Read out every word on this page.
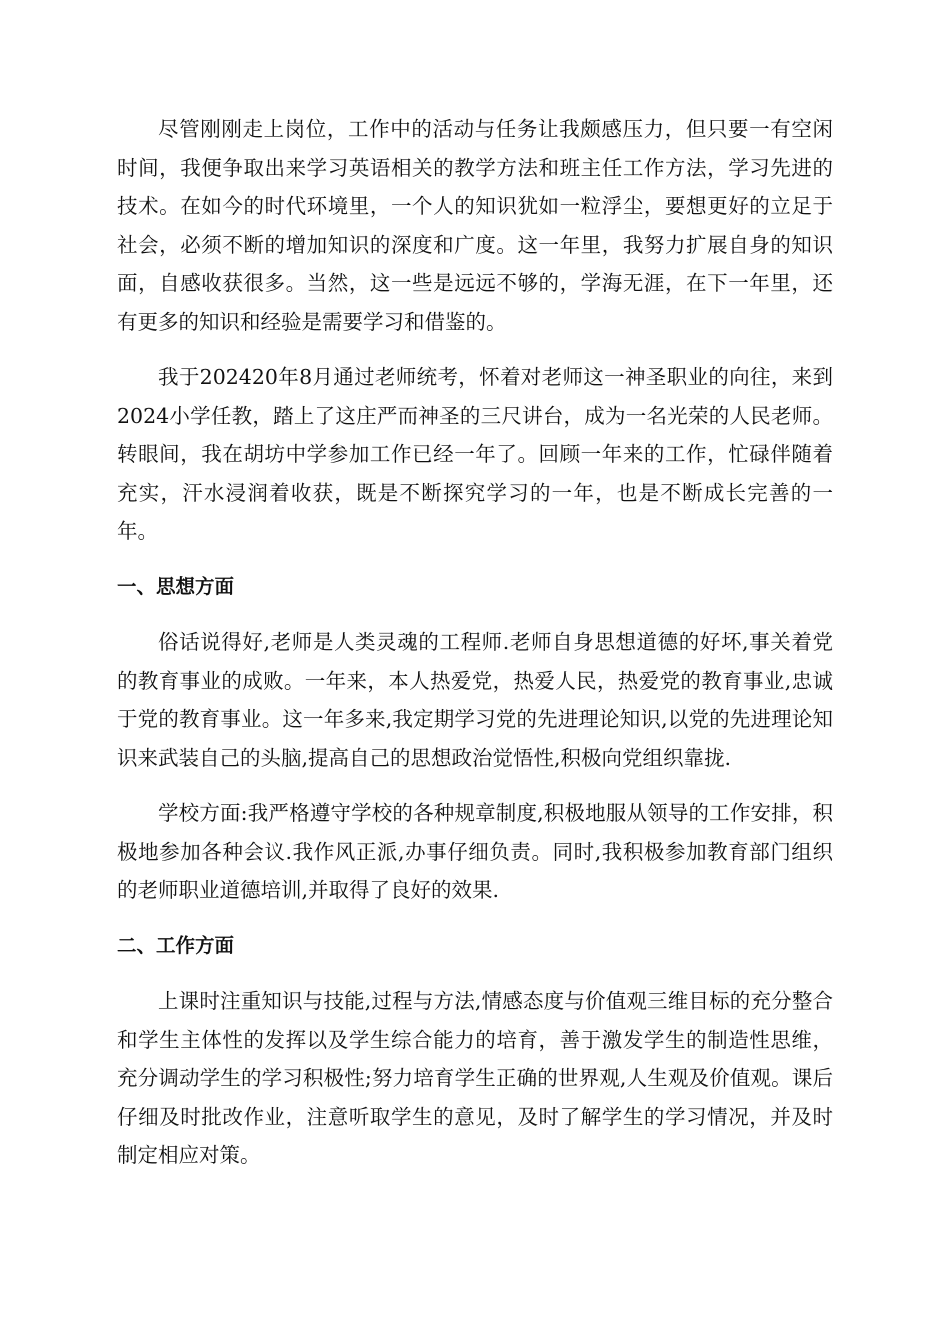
尽管刚刚走上岗位，工作中的活动与任务让我颇感压力，但只要一有空闲时间，我便争取出来学习英语相关的教学方法和班主任工作方法，学习先进的技术。在如今的时代环境里，一个人的知识犹如一粒浮尘，要想更好的立足于社会，必须不断的增加知识的深度和广度。这一年里，我努力扩展自身的知识面，自感收获很多。当然，这一些是远远不够的，学海无涯，在下一年里，还有更多的知识和经验是需要学习和借鉴的。

我于202420年8月通过老师统考，怀着对老师这一神圣职业的向往，来到2024小学任教，踏上了这庄严而神圣的三尺讲台，成为一名光荣的人民老师。转眼间，我在胡坊中学参加工作已经一年了。回顾一年来的工作，忙碌伴随着充实，汗水浸润着收获，既是不断探究学习的一年，也是不断成长完善的一年。

一、思想方面

俗话说得好,老师是人类灵魂的工程师.老师自身思想道德的好坏,事关着党的教育事业的成败。一年来，本人热爱党，热爱人民，热爱党的教育事业,忠诚于党的教育事业。这一年多来,我定期学习党的先进理论知识,以党的先进理论知识来武装自己的头脑,提高自己的思想政治觉悟性,积极向党组织靠拢.

学校方面:我严格遵守学校的各种规章制度,积极地服从领导的工作安排，积极地参加各种会议.我作风正派,办事仔细负责。同时,我积极参加教育部门组织的老师职业道德培训,并取得了良好的效果.

二、工作方面

上课时注重知识与技能,过程与方法,情感态度与价值观三维目标的充分整合和学生主体性的发挥以及学生综合能力的培育，善于激发学生的制造性思维，充分调动学生的学习积极性;努力培育学生正确的世界观,人生观及价值观。课后仔细及时批改作业，注意听取学生的意见，及时了解学生的学习情况，并及时制定相应对策。
